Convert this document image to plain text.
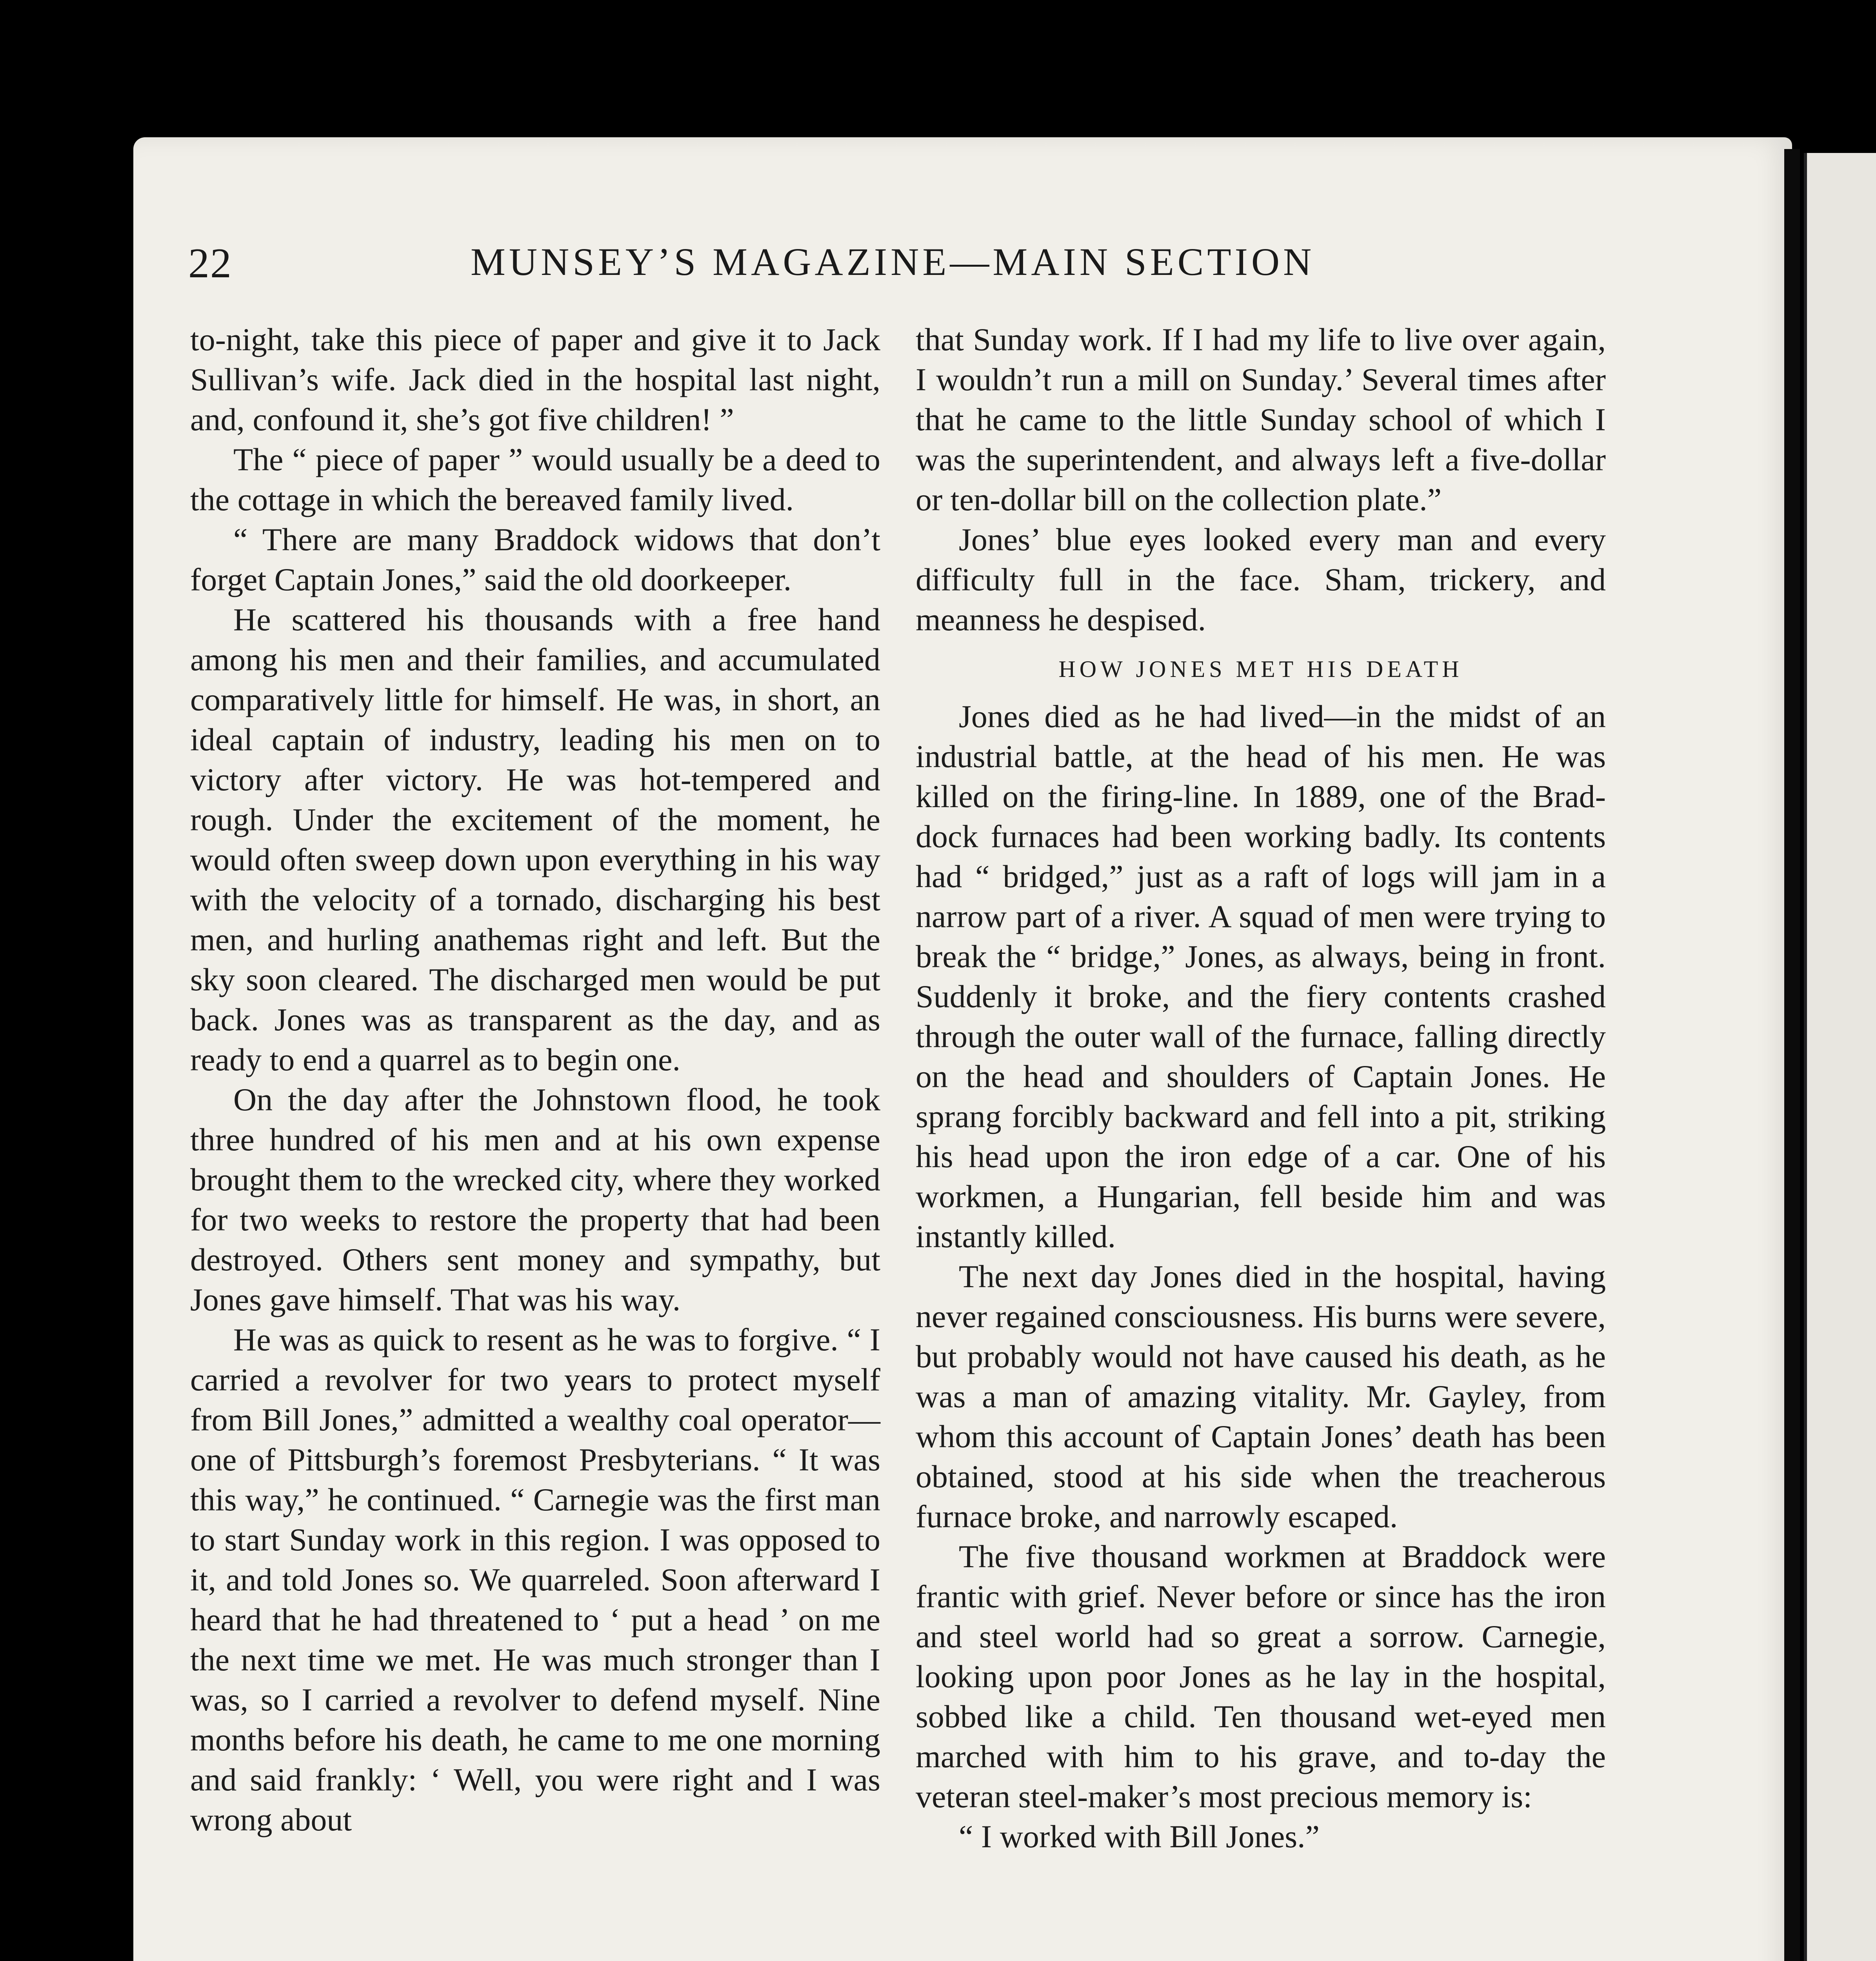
22	MUNSEY’S MAGAZINE—MAIN SECTION

to-night, take this piece of paper and give it to Jack Sullivan’s wife. Jack died in the hospital last night, and, confound it, she’s got five children! ”

The “ piece of paper ” would usually be a deed to the cottage in which the bereaved family lived.

“ There are many Braddock widows that don’t forget Captain Jones,” said the old doorkeeper.

He scattered his thousands with a free hand among his men and their families, and accumulated comparatively little for himself. He was, in short, an ideal captain of industry, leading his men on to victory after victory. He was hot-tempered and rough. Under the excitement of the moment, he would often sweep down upon everything in his way with the velocity of a tornado, discharging his best men, and hurling anathemas right and left. But the sky soon cleared. The discharged men would be put back. Jones was as transparent as the day, and as ready to end a quarrel as to begin one.

On the day after the Johnstown flood, he took three hundred of his men and at his own expense brought them to the wrecked city, where they worked for two weeks to restore the property that had been destroyed. Others sent money and sympathy, but Jones gave himself. That was his way.

He was as quick to resent as he was to forgive. “ I carried a revolver for two years to protect myself from Bill Jones,” admitted a wealthy coal operator—one of Pittsburgh’s foremost Presbyterians. “ It was this way,” he continued. “ Carnegie was the first man to start Sunday work in this region. I was opposed to it, and told Jones so. We quarreled. Soon afterward I heard that he had threatened to ‘ put a head ’ on me the next time we met. He was much stronger than I was, so I carried a revolver to defend myself. Nine months before his death, he came to me one morning and said frankly: ‘ Well, you were right and I was wrong about

that Sunday work. If I had my life to live over again, I wouldn’t run a mill on Sunday.’ Several times after that he came to the little Sunday school of which I was the superintendent, and always left a five-dollar or ten-dollar bill on the collection plate.”

Jones’ blue eyes looked every man and every difficulty full in the face. Sham, trickery, and meanness he despised.

HOW JONES MET HIS DEATH

Jones died as he had lived—in the midst of an industrial battle, at the head of his men. He was killed on the firing-line. In 1889, one of the Braddock furnaces had been working badly. Its contents had “ bridged,” just as a raft of logs will jam in a narrow part of a river. A squad of men were trying to break the “ bridge,” Jones, as always, being in front. Suddenly it broke, and the fiery contents crashed through the outer wall of the furnace, falling directly on the head and shoulders of Captain Jones. He sprang forcibly backward and fell into a pit, striking his head upon the iron edge of a car. One of his workmen, a Hungarian, fell beside him and was instantly killed.

The next day Jones died in the hospital, having never regained consciousness. His burns were severe, but probably would not have caused his death, as he was a man of amazing vitality. Mr. Gayley, from whom this account of Captain Jones’ death has been obtained, stood at his side when the treacherous furnace broke, and narrowly escaped.

The five thousand workmen at Braddock were frantic with grief. Never before or since has the iron and steel world had so great a sorrow. Carnegie, looking upon poor Jones as he lay in the hospital, sobbed like a child. Ten thousand wet-eyed men marched with him to his grave, and to-day the veteran steel-maker’s most precious memory is:

“ I worked with Bill Jones.”
